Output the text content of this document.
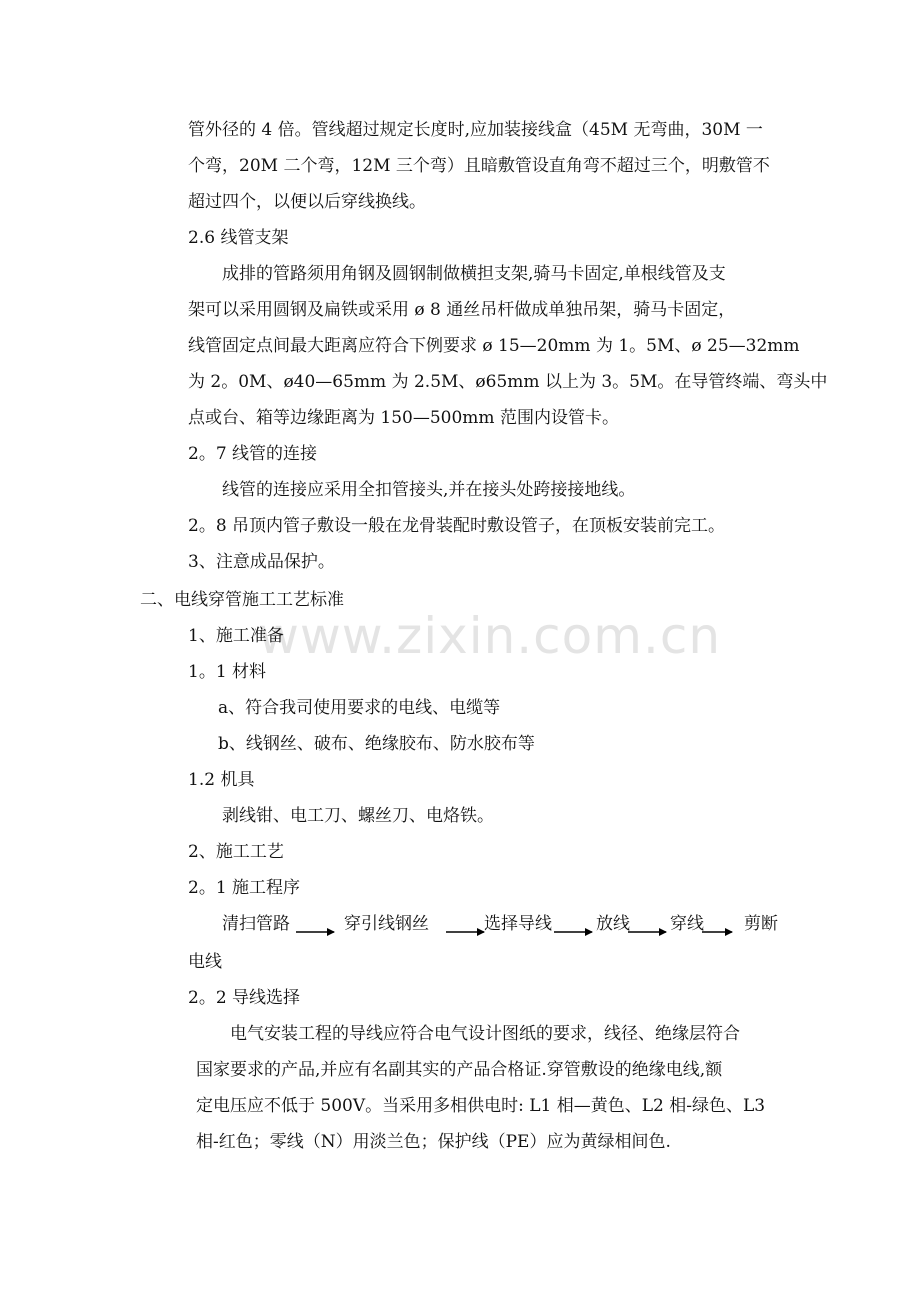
www.zixin.com.cn
管外径的 4 倍。管线超过规定长度时,应加装接线盒（45M 无弯曲，30M 一
个弯，20M 二个弯，12M 三个弯）且暗敷管设直角弯不超过三个，明敷管不
超过四个，以便以后穿线换线。
2.6 线管支架
成排的管路须用角钢及圆钢制做横担支架,骑马卡固定,单根线管及支
架可以采用圆钢及扁铁或采用 ø 8 通丝吊杆做成单独吊架，骑马卡固定，
线管固定点间最大距离应符合下例要求 ø 15—20mm 为 1。5M、ø 25—32mm
为 2。0M、ø40—65mm 为 2.5M、ø65mm 以上为 3。5M。在导管终端、弯头中
点或台、箱等边缘距离为 150—500mm 范围内设管卡。
2。7 线管的连接
线管的连接应采用全扣管接头,并在接头处跨接接地线。
2。8 吊顶内管子敷设一般在龙骨装配时敷设管子，在顶板安装前完工。
3、注意成品保护。
二、电线穿管施工工艺标准
1、施工准备
1。1 材料
a、符合我司使用要求的电线、电缆等
b、线钢丝、破布、绝缘胶布、防水胶布等
1.2 机具
剥线钳、电工刀、螺丝刀、电烙铁。
2、施工工艺
2。1 施工程序
清扫管路	穿引线钢丝	选择导线	放线 穿线 剪断
电线
2。2 导线选择
电气安装工程的导线应符合电气设计图纸的要求，线径、绝缘层符合
国家要求的产品,并应有名副其实的产品合格证.穿管敷设的绝缘电线,额
定电压应不低于 500V。当采用多相供电时: L1 相—黄色、L2 相-绿色、L3
相-红色；零线（N）用淡兰色；保护线（PE）应为黄绿相间色.
